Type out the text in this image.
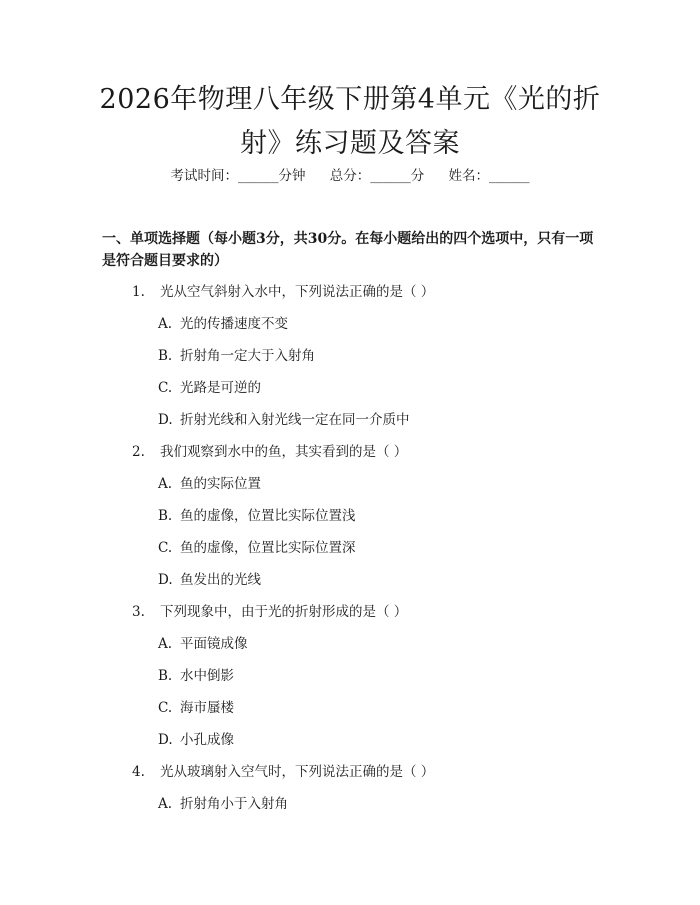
2026年物理八年级下册第4单元《光的折射》练习题及答案
考试时间：______分钟 总分：______分 姓名：______
一、单项选择题（每小题3分，共30分。在每小题给出的四个选项中，只有一项是符合题目要求的）
1. 光从空气斜射入水中，下列说法正确的是（ ）
A. 光的传播速度不变
B. 折射角一定大于入射角
C. 光路是可逆的
D. 折射光线和入射光线一定在同一介质中
2. 我们观察到水中的鱼，其实看到的是（ ）
A. 鱼的实际位置
B. 鱼的虚像，位置比实际位置浅
C. 鱼的虚像，位置比实际位置深
D. 鱼发出的光线
3. 下列现象中，由于光的折射形成的是（ ）
A. 平面镜成像
B. 水中倒影
C. 海市蜃楼
D. 小孔成像
4. 光从玻璃射入空气时，下列说法正确的是（ ）
A. 折射角小于入射角
